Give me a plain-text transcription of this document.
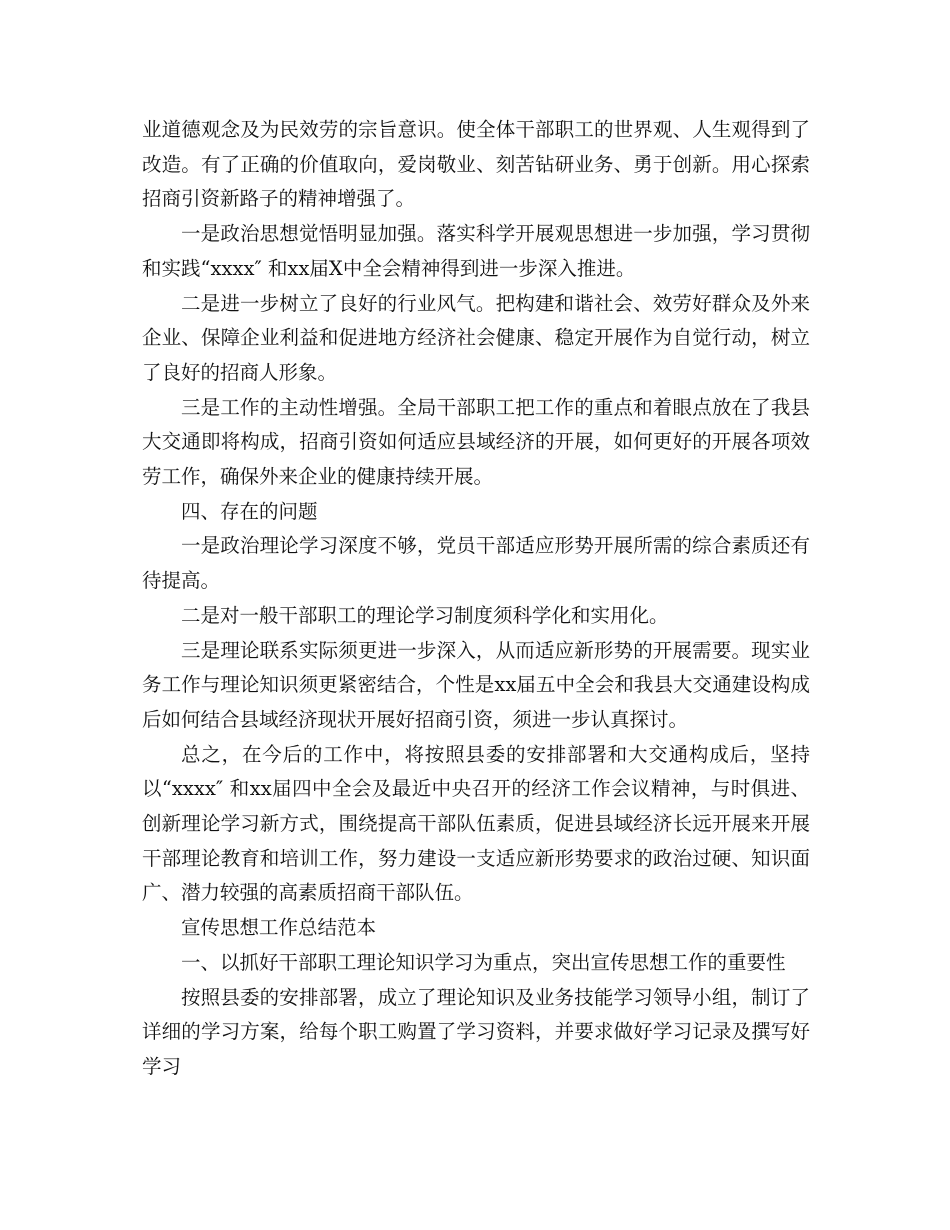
业道德观念及为民效劳的宗旨意识。使全体干部职工的世界观、人生观得到了改造。有了正确的价值取向，爱岗敬业、刻苦钻研业务、勇于创新。用心探索招商引资新路子的精神增强了。

一是政治思想觉悟明显加强。落实科学开展观思想进一步加强，学习贯彻和实践“xxxx″ 和xx届X中全会精神得到进一步深入推进。

二是进一步树立了良好的行业风气。把构建和谐社会、效劳好群众及外来企业、保障企业利益和促进地方经济社会健康、稳定开展作为自觉行动，树立了良好的招商人形象。

三是工作的主动性增强。全局干部职工把工作的重点和着眼点放在了我县大交通即将构成，招商引资如何适应县域经济的开展，如何更好的开展各项效劳工作，确保外来企业的健康持续开展。

四、存在的问题

一是政治理论学习深度不够，党员干部适应形势开展所需的综合素质还有待提高。

二是对一般干部职工的理论学习制度须科学化和实用化。

三是理论联系实际须更进一步深入，从而适应新形势的开展需要。现实业务工作与理论知识须更紧密结合，个性是xx届五中全会和我县大交通建设构成后如何结合县域经济现状开展好招商引资，须进一步认真探讨。

总之，在今后的工作中，将按照县委的安排部署和大交通构成后，坚持以“xxxx″ 和xx届四中全会及最近中央召开的经济工作会议精神，与时俱进、创新理论学习新方式，围绕提高干部队伍素质，促进县域经济长远开展来开展干部理论教育和培训工作，努力建设一支适应新形势要求的政治过硬、知识面广、潜力较强的高素质招商干部队伍。

宣传思想工作总结范本

一、以抓好干部职工理论知识学习为重点，突出宣传思想工作的重要性

按照县委的安排部署，成立了理论知识及业务技能学习领导小组，制订了详细的学习方案，给每个职工购置了学习资料，并要求做好学习记录及撰写好学习
